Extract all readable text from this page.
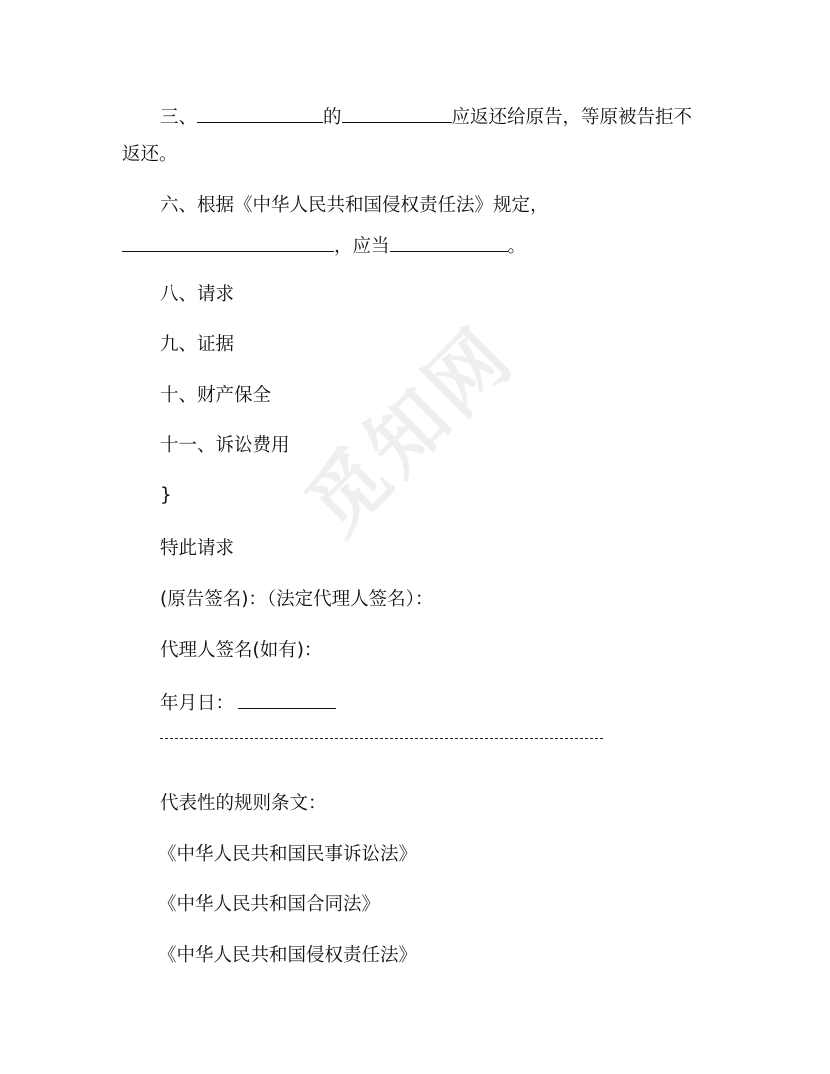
觅知网
三、	的	应返还给原告，等原被告拒不
返还。
六、根据《中华人民共和国侵权责任法》规定，
，应当	。
八、请求
九、证据
十、财产保全
十一、诉讼费用
}
特此请求
(原告签名)：（法定代理人签名）：
代理人签名(如有)：
年月日：
代表性的规则条文：
《中华人民共和国民事诉讼法》
《中华人民共和国合同法》
《中华人民共和国侵权责任法》
